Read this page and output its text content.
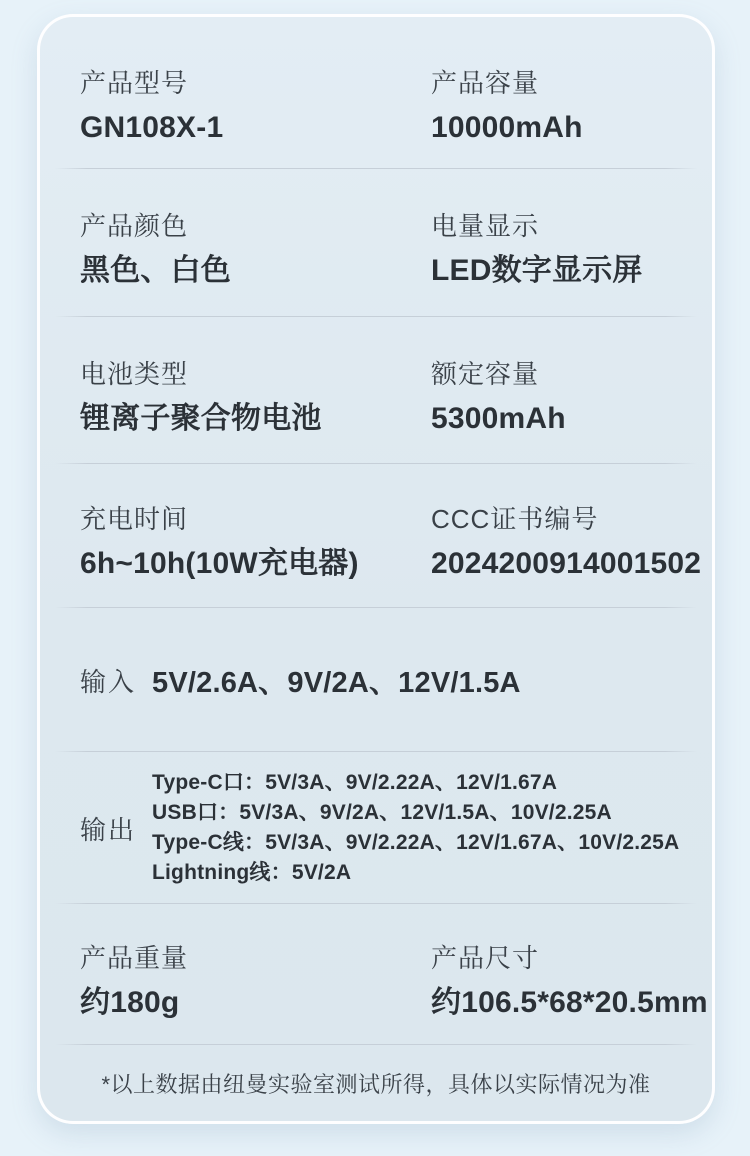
产品型号
GN108X-1
产品容量
10000mAh
产品颜色
黑色、白色
电量显示
LED数字显示屏
电池类型
锂离子聚合物电池
额定容量
5300mAh
充电时间
6h~10h(10W充电器)
CCC证书编号
2024200914001502
输入 5V/2.6A、9V/2A、12V/1.5A
输出
Type-C口：5V/3A、9V/2.22A、12V/1.67A
USB口：5V/3A、9V/2A、12V/1.5A、10V/2.25A
Type-C线：5V/3A、9V/2.22A、12V/1.67A、10V/2.25A
Lightning线：5V/2A
产品重量
约180g
产品尺寸
约106.5*68*20.5mm
*以上数据由纽曼实验室测试所得，具体以实际情况为准
